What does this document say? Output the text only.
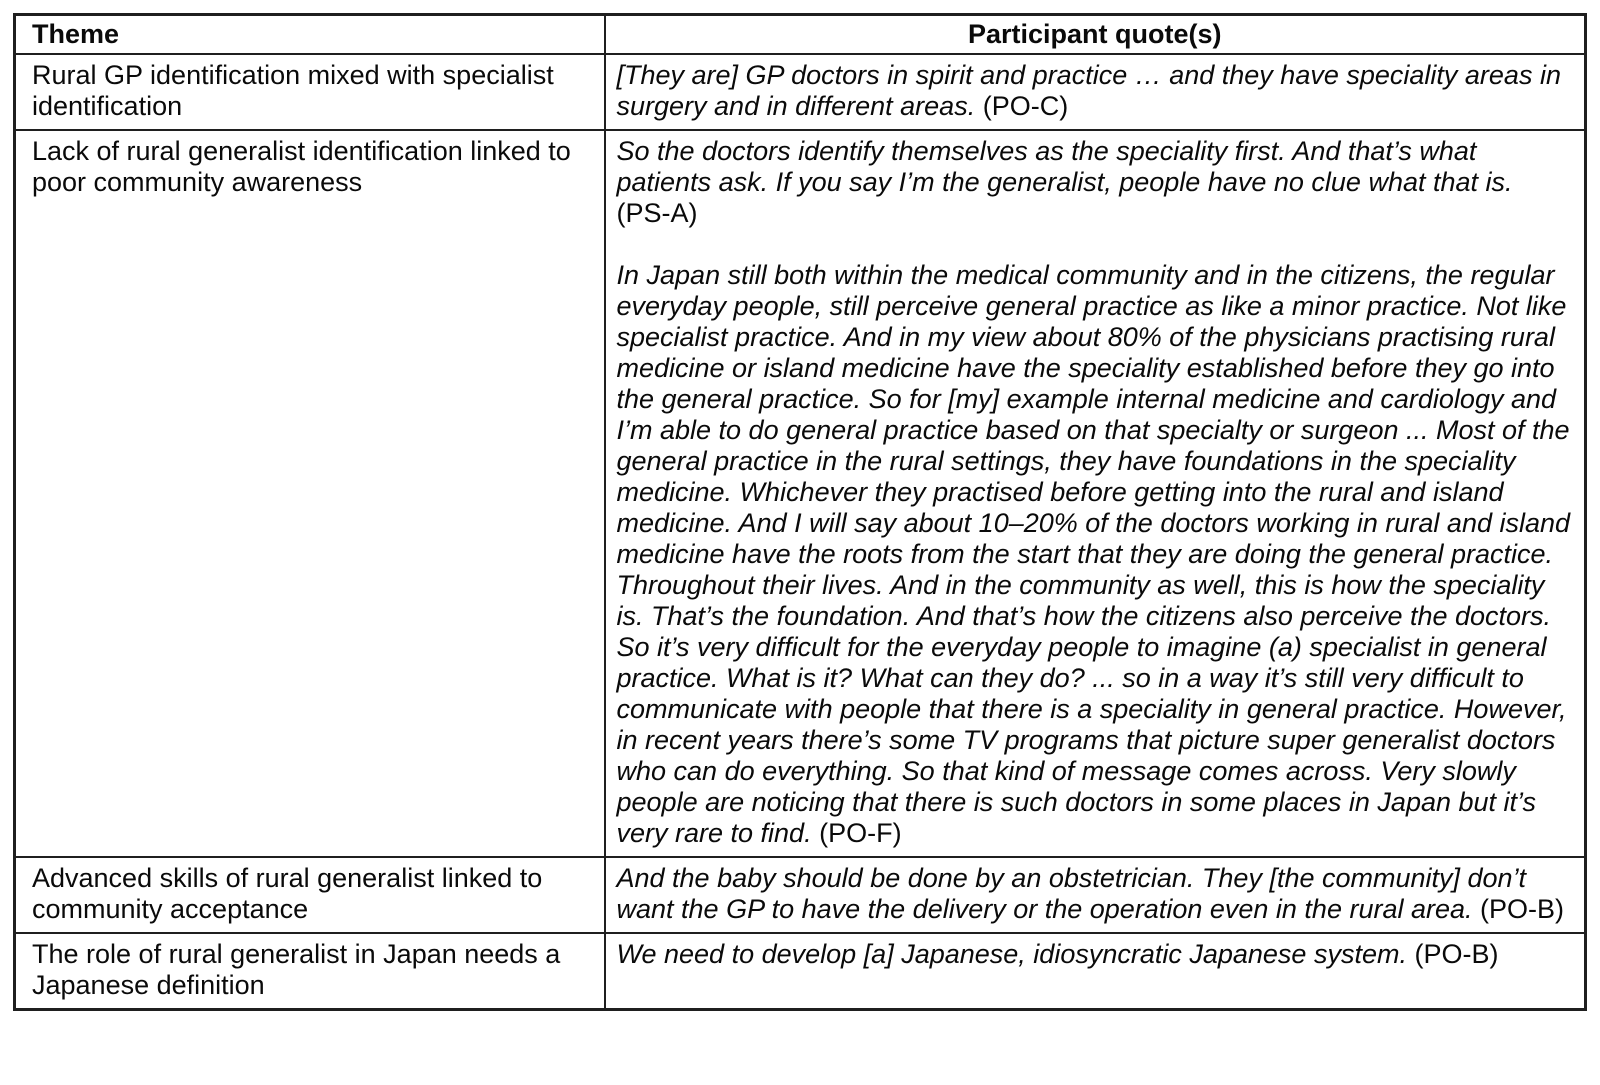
Theme	Participant quote(s)
Rural GP identification mixed with specialist identification	[They are] GP doctors in spirit and practice … and they have speciality areas in surgery and in different areas. (PO-C)

Lack of rural generalist identification linked to poor community awareness	So the doctors identify themselves as the speciality first. And that’s what patients ask. If you say I’m the generalist, people have no clue what that is. (PS-A)

In Japan still both within the medical community and in the citizens, the regular everyday people, still perceive general practice as like a minor practice. Not like specialist practice. And in my view about 80% of the physicians practising rural medicine or island medicine have the speciality established before they go into the general practice. So for [my] example internal medicine and cardiology and I’m able to do general practice based on that specialty or surgeon ... Most of the general practice in the rural settings, they have foundations in the speciality medicine. Whichever they practised before getting into the rural and island medicine. And I will say about 10–20% of the doctors working in rural and island medicine have the roots from the start that they are doing the general practice. Throughout their lives. And in the community as well, this is how the speciality is. That’s the foundation. And that’s how the citizens also perceive the doctors. So it’s very difficult for the everyday people to imagine (a) specialist in general practice. What is it? What can they do? ... so in a way it’s still very difficult to communicate with people that there is a speciality in general practice. However, in recent years there’s some TV programs that picture super generalist doctors who can do everything. So that kind of message comes across. Very slowly people are noticing that there is such doctors in some places in Japan but it’s very rare to find. (PO-F)

Advanced skills of rural generalist linked to community acceptance	And the baby should be done by an obstetrician. They [the community] don’t want the GP to have the delivery or the operation even in the rural area. (PO-B)

The role of rural generalist in Japan needs a Japanese definition	We need to develop [a] Japanese, idiosyncratic Japanese system. (PO-B)
